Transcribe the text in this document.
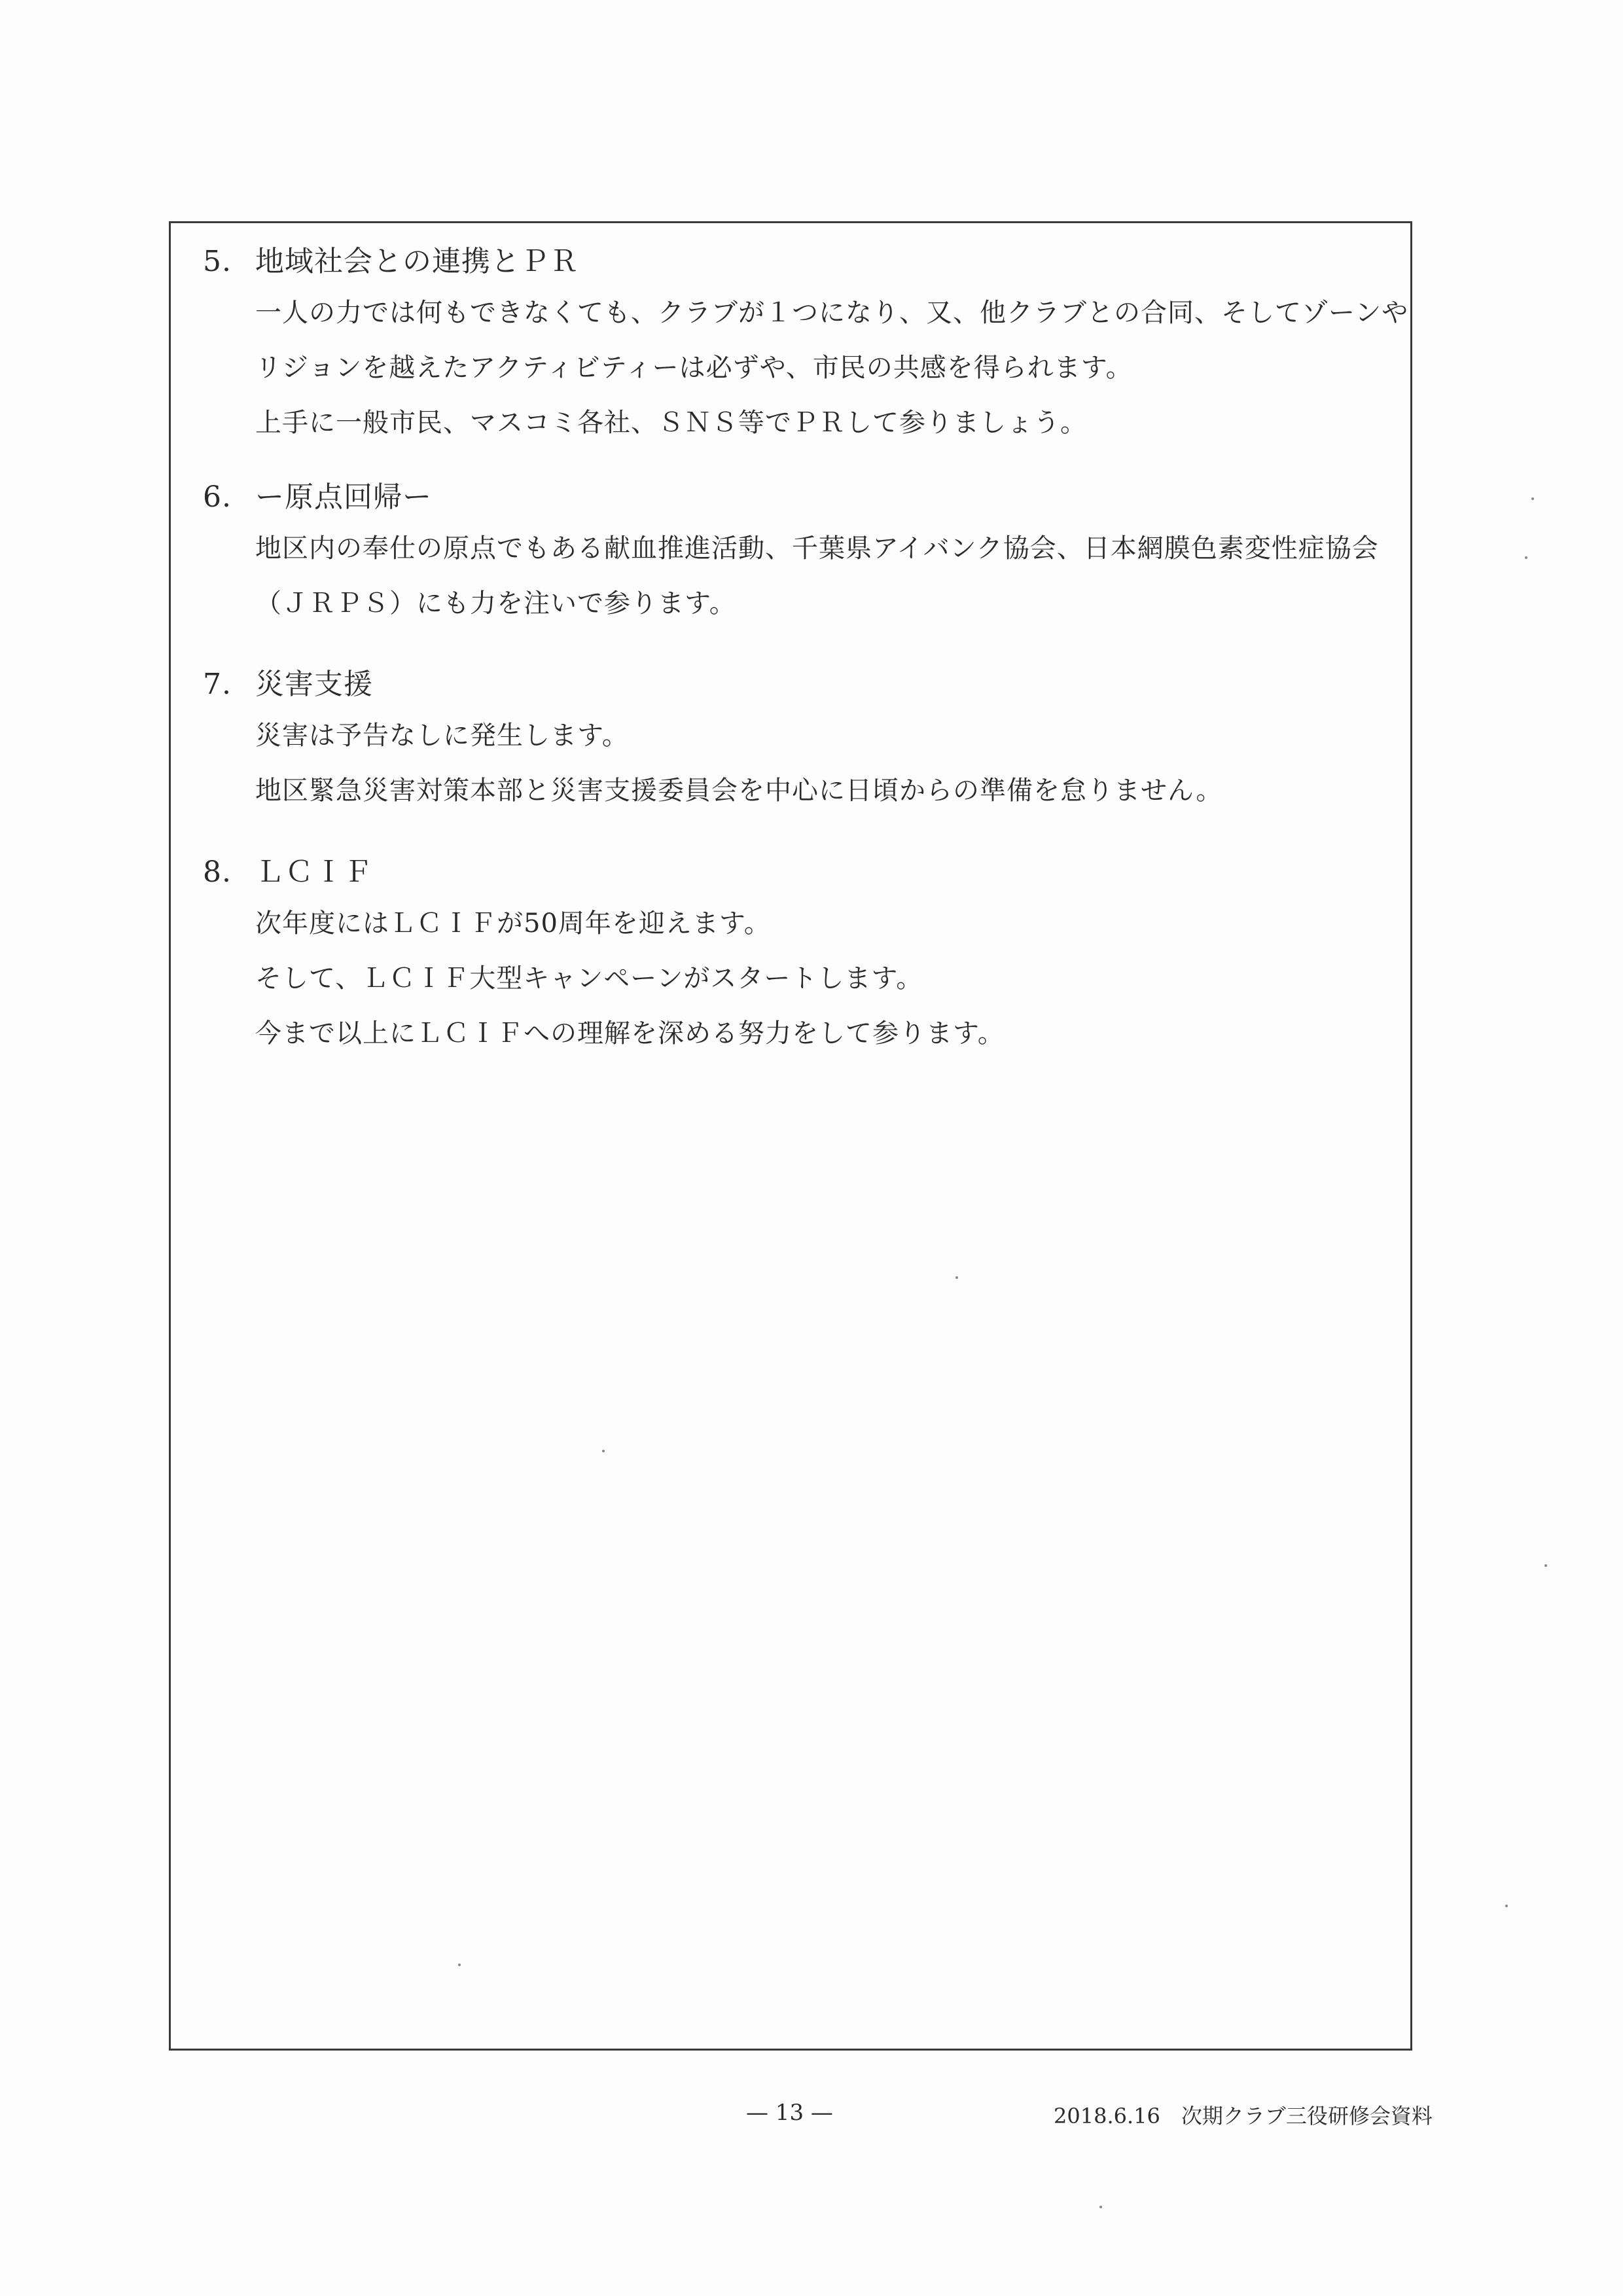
5. 地域社会との連携とＰＲ
一人の力では何もできなくても、クラブが１つになり、又、他クラブとの合同、そしてゾーンや
リジョンを越えたアクティビティーは必ずや、市民の共感を得られます。
上手に一般市民、マスコミ各社、ＳＮＳ等でＰＲして参りましょう。
6. ー原点回帰ー
地区内の奉仕の原点でもある献血推進活動、千葉県アイバンク協会、日本網膜色素変性症協会
（ＪＲＰＳ）にも力を注いで参ります。
7. 災害支援
災害は予告なしに発生します。
地区緊急災害対策本部と災害支援委員会を中心に日頃からの準備を怠りません。
8. ＬＣＩＦ
次年度にはＬＣＩＦが50周年を迎えます。
そして、ＬＣＩＦ大型キャンペーンがスタートします。
今まで以上にＬＣＩＦへの理解を深める努力をして参ります。
— 13 —	2018.6.16　次期クラブ三役研修会資料
